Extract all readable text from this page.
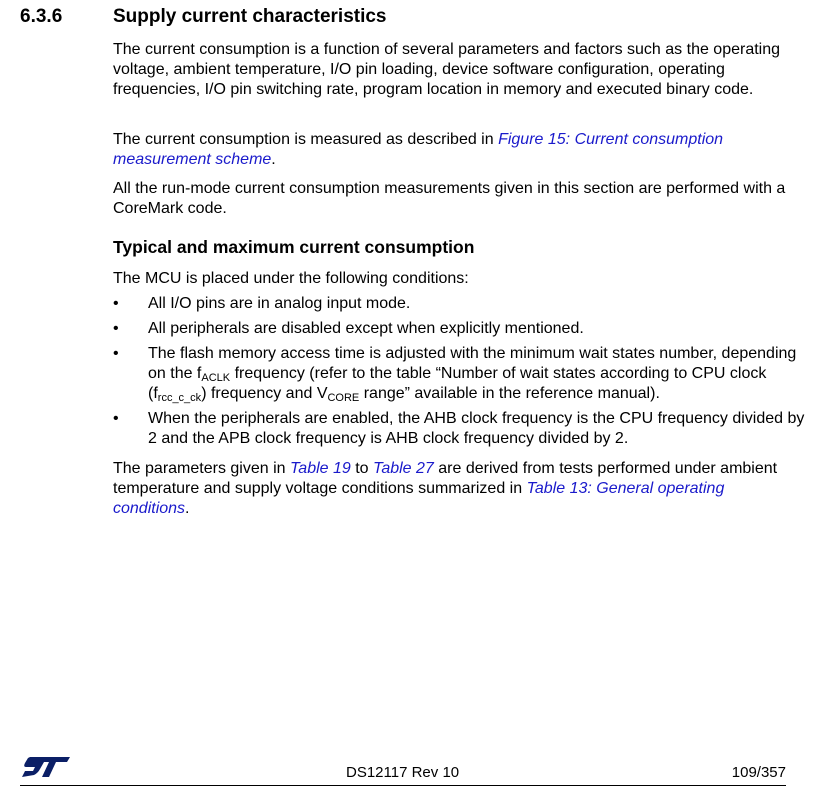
6.3.6	Supply current characteristics

The current consumption is a function of several parameters and factors such as the operating voltage, ambient temperature, I/O pin loading, device software configuration, operating frequencies, I/O pin switching rate, program location in memory and executed binary code.

The current consumption is measured as described in Figure 15: Current consumption measurement scheme.

All the run-mode current consumption measurements given in this section are performed with a CoreMark code.

Typical and maximum current consumption

The MCU is placed under the following conditions:

• All I/O pins are in analog input mode.
• All peripherals are disabled except when explicitly mentioned.
• The flash memory access time is adjusted with the minimum wait states number, depending on the $f_{ACLK}$ frequency (refer to the table “Number of wait states according to CPU clock $(f_{rcc\_c\_ck})$ frequency and $V_{CORE}$ range” available in the reference manual).
• When the peripherals are enabled, the AHB clock frequency is the CPU frequency divided by 2 and the APB clock frequency is AHB clock frequency divided by 2.

The parameters given in Table 19 to Table 27 are derived from tests performed under ambient temperature and supply voltage conditions summarized in Table 13: General operating conditions.

DS12117 Rev 10	109/357
